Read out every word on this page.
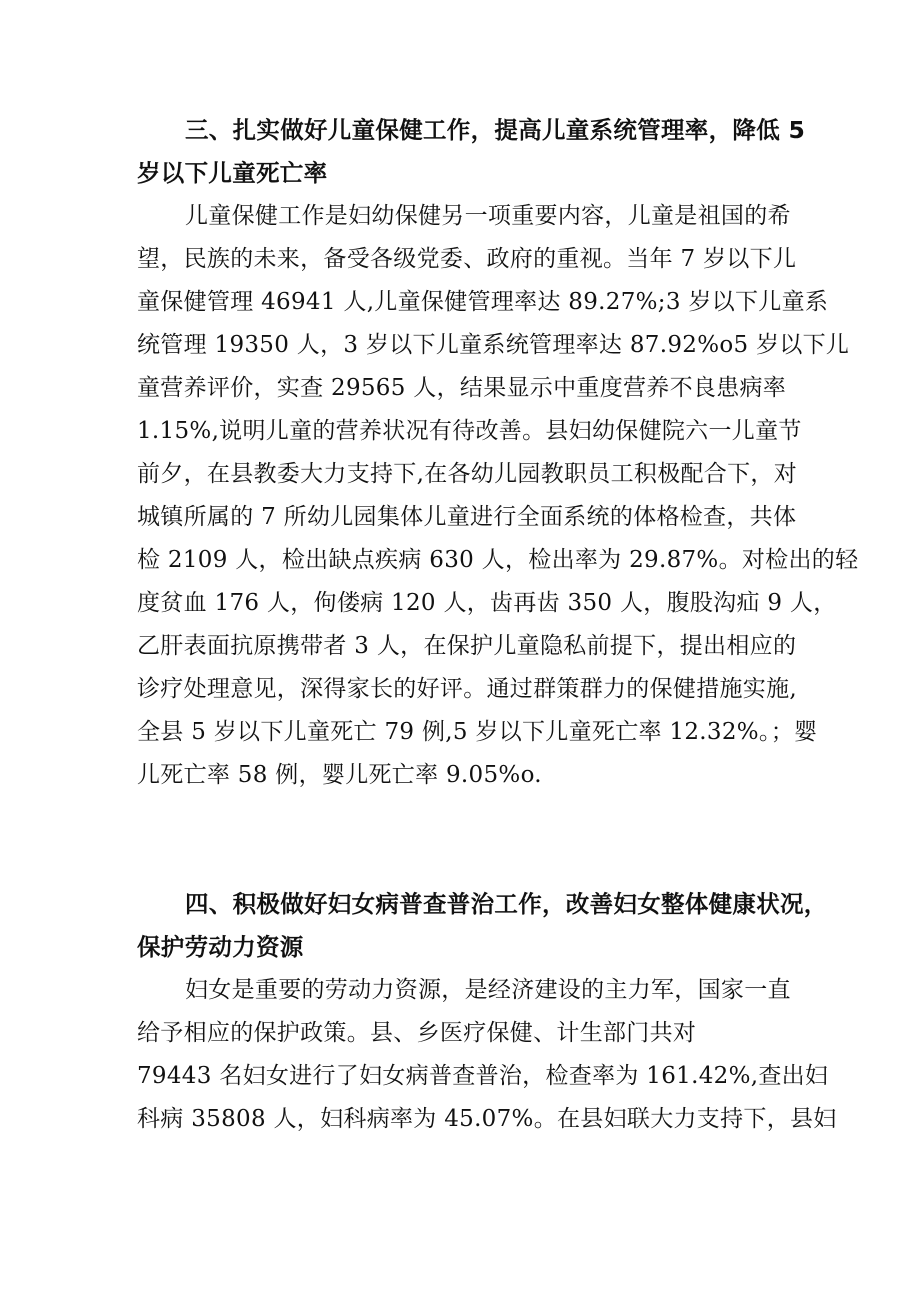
三、扎实做好儿童保健工作，提高儿童系统管理率，降低 5
岁以下儿童死亡率
儿童保健工作是妇幼保健另一项重要内容，儿童是祖国的希
望，民族的未来，备受各级党委、政府的重视。当年 7 岁以下儿
童保健管理 46941 人,儿童保健管理率达 89.27%;3 岁以下儿童系
统管理 19350 人，3 岁以下儿童系统管理率达 87.92%o5 岁以下儿
童营养评价，实查 29565 人，结果显示中重度营养不良患病率
1.15%,说明儿童的营养状况有待改善。县妇幼保健院六一儿童节
前夕，在县教委大力支持下,在各幼儿园教职员工积极配合下，对
城镇所属的 7 所幼儿园集体儿童进行全面系统的体格检查，共体
检 2109 人，检出缺点疾病 630 人，检出率为 29.87%。对检出的轻
度贫血 176 人，佝偻病 120 人，齿再齿 350 人，腹股沟疝 9 人，
乙肝表面抗原携带者 3 人，在保护儿童隐私前提下，提出相应的
诊疗处理意见，深得家长的好评。通过群策群力的保健措施实施,
全县 5 岁以下儿童死亡 79 例,5 岁以下儿童死亡率 12.32%。；婴
儿死亡率 58 例，婴儿死亡率 9.05%o.
四、积极做好妇女病普查普治工作，改善妇女整体健康状况，
保护劳动力资源
妇女是重要的劳动力资源，是经济建设的主力军，国家一直
给予相应的保护政策。县、乡医疗保健、计生部门共对
79443 名妇女进行了妇女病普查普治，检查率为 161.42%,查出妇
科病 35808 人，妇科病率为 45.07%。在县妇联大力支持下，县妇
